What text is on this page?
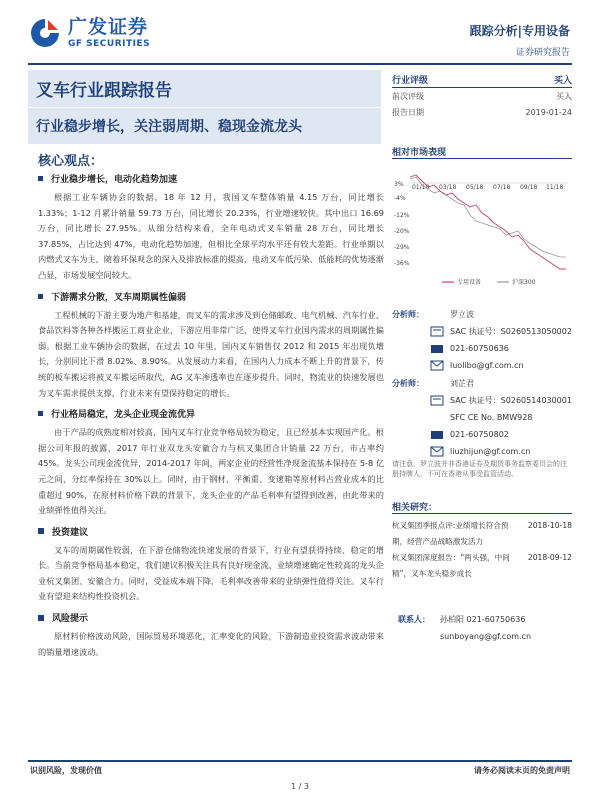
广发证券
GF SECURITIES
跟踪分析|专用设备
证券研究报告
叉车行业跟踪报告
行业稳步增长，关注弱周期、稳现金流龙头
行业评级	买入
前次评级	买入
报告日期	2019-01-24
核心观点：
行业稳步增长，电动化趋势加速

根据工业车辆协会的数据，18 年 12 月，我国叉车整体销量 4.15 万台，同比增长 1.33%；1-12 月累计销量 59.73 万台，同比增长 20.23%，行业增速较快。其中出口 16.69 万台，同比增长 27.95%。从细分结构来看，全年电动式叉车销量 28 万台，同比增长 37.85%，占比达到 47%，电动化趋势加速，但相比全球平均水平还有较大差距。行业单期以内燃式叉车为主，随着环保观念的深入及排放标准的提高，电动叉车低污染、低能耗的优势逐渐凸显，市场发展空间较大。

下游需求分散，叉车周期属性偏弱

工程机械的下游主要为地产和基建，而叉车的需求涉及到仓储邮政、电气机械、汽车行业、食品饮料等各种各样搬运工商业企业，下游应用非常广泛，使得叉车行业国内需求的周期属性偏弱。根据工业车辆协会的数据，在过去 10 年里，国内叉车销售仅 2012 和 2015 年出现负增长，分别同比下滑 8.02%、8.90%。从发展动力来看，在国内人力成本不断上升的背景下，传统的板车搬运将被叉车搬运所取代，AG 叉车渗透率也在逐步提升。同时，物流业的快速发展也为叉车需求提供支撑，行业未来有望保持稳定的增长。

行业格局稳定，龙头企业现金流优异

由于产品的成熟度相对较高，国内叉车行业竞争格局较为稳定，且已经基本实现国产化。根据公司年报的披露，2017 年行业双龙头安徽合力与杭叉集团合计销量 22 万台，市占率约 45%。龙头公司现金流优异，2014-2017 年间，两家企业的经营性净现金流基本保持在 5-8 亿元之间，分红率保持在 30%以上。同时，由于钢材、平衡重、变速箱等原材料占营业成本的比重超过 90%，在原材料价格下跌的背景下，龙头企业的产品毛利率有望得到改善，由此带来的业绩弹性值得关注。

投资建议

叉车的周期属性较弱，在下游仓储物流快速发展的背景下，行业有望获得持续、稳定的增长。当前竞争格局基本稳定，我们建议积极关注具有良好现金流、业绩增速确定性较高的龙头企业杭叉集团、安徽合力。同时，受益成本端下降，毛利率改善带来的业绩弹性值得关注。叉车行业有望迎来结构性投资机会。

风险提示

原材料价格波动风险，国际贸易环境恶化，汇率变化的风险，下游制造业投资需求波动带来的销量增速波动。

相对市场表现
01/18 03/18 05/18 07/18 09/18 11/18
3%
-4%
-12%
-20%
-29%
-36%
专用设备	沪深300
分析师：	罗立波
SAC 执证号：S0260513050002
021-60750636
luolibo@gf.com.cn
分析师：	刘芷君
SAC 执证号：S0260514030001
SFC CE No. BMW928
021-60750802
liuzhijun@gf.com.cn
请注意，罗立波并非香港证券及期货事务监察委员会的注册持牌人，不可在香港从事受监管活动。
相关研究：
杭叉集团季报点评:业绩增长符合预期，经营产品战略激发活力
2018-10-18
杭叉集团深度报告：“两头强，中间精”，叉车龙头稳步成长
2018-09-12
联系人：	孙柏阳 021-60750636
sunboyang@gf.com.cn
识别风险，发现价值	请务必阅读末页的免责声明
1 / 3
